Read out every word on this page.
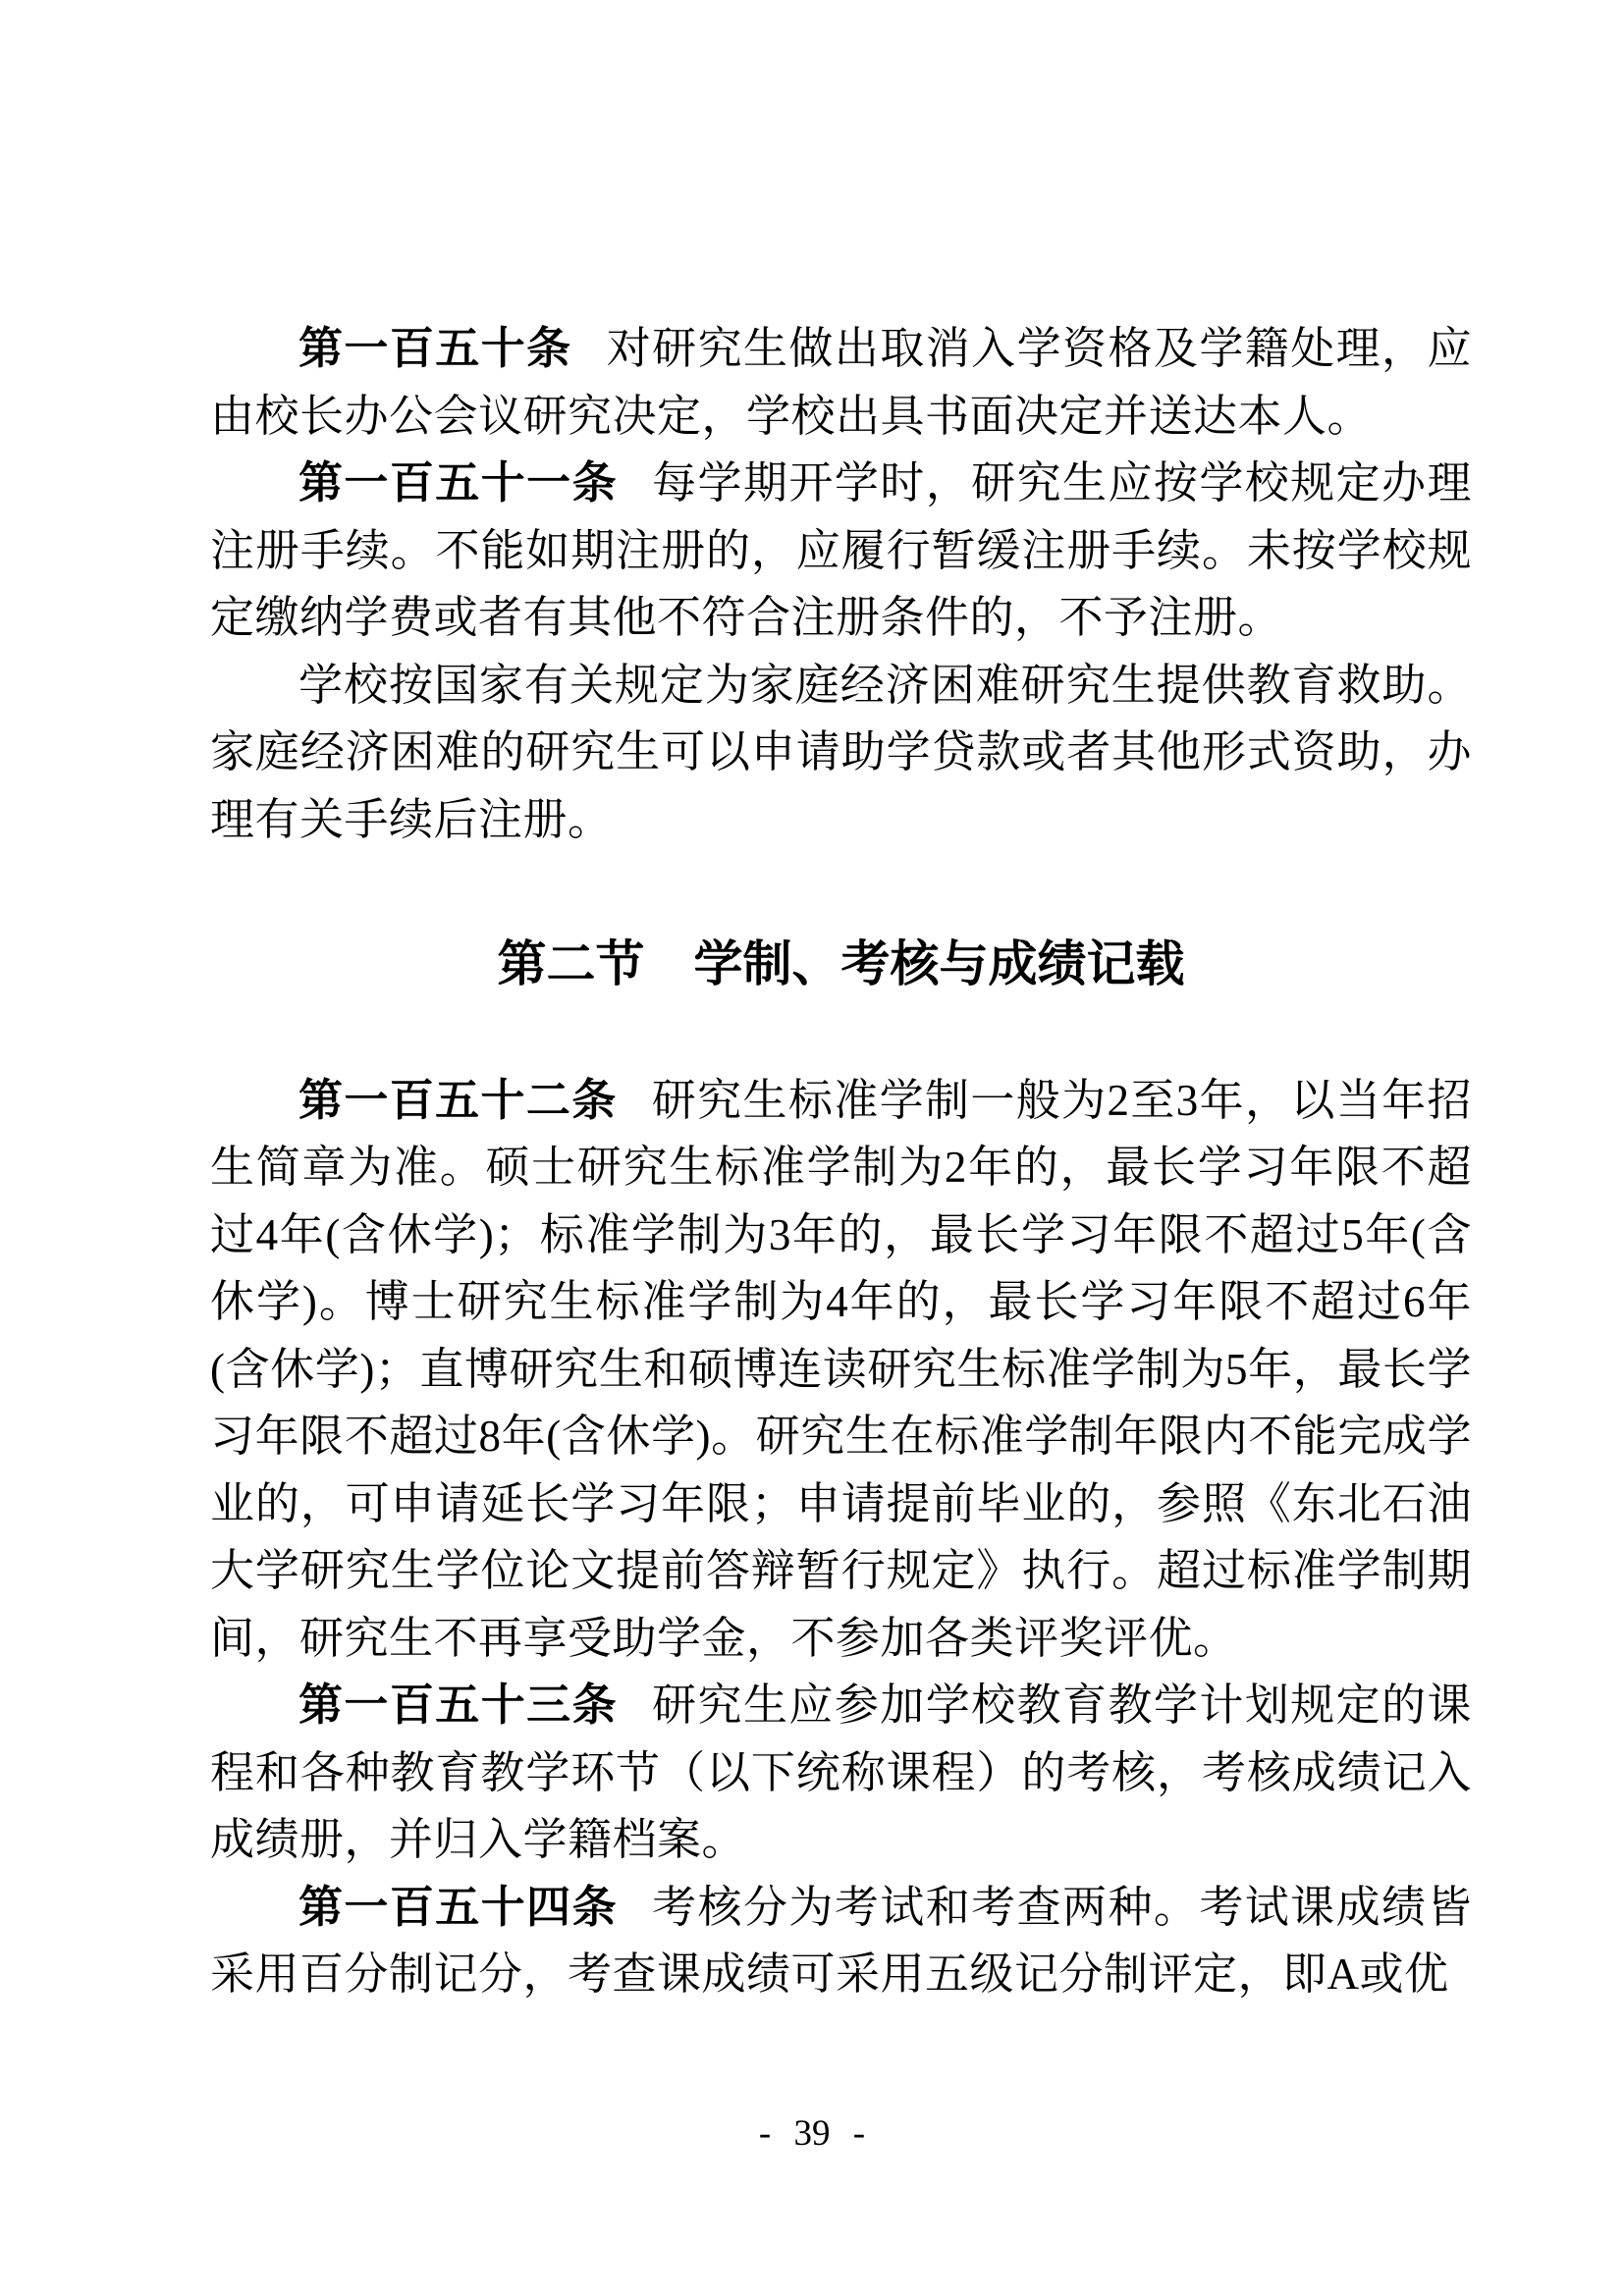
第一百五十条 对研究生做出取消入学资格及学籍处理，应由校长办公会议研究决定，学校出具书面决定并送达本人。

第一百五十一条 每学期开学时，研究生应按学校规定办理注册手续。不能如期注册的，应履行暂缓注册手续。未按学校规定缴纳学费或者有其他不符合注册条件的，不予注册。

学校按国家有关规定为家庭经济困难研究生提供教育救助。家庭经济困难的研究生可以申请助学贷款或者其他形式资助，办理有关手续后注册。

第二节　学制、考核与成绩记载

第一百五十二条 研究生标准学制一般为2至3年，以当年招生简章为准。硕士研究生标准学制为2年的，最长学习年限不超过4年(含休学)；标准学制为3年的，最长学习年限不超过5年(含休学)。博士研究生标准学制为4年的，最长学习年限不超过6年(含休学)；直博研究生和硕博连读研究生标准学制为5年，最长学习年限不超过8年(含休学)。研究生在标准学制年限内不能完成学业的，可申请延长学习年限；申请提前毕业的，参照《东北石油大学研究生学位论文提前答辩暂行规定》执行。超过标准学制期间，研究生不再享受助学金，不参加各类评奖评优。

第一百五十三条 研究生应参加学校教育教学计划规定的课程和各种教育教学环节（以下统称课程）的考核，考核成绩记入成绩册，并归入学籍档案。

第一百五十四条 考核分为考试和考查两种。考试课成绩皆采用百分制记分，考查课成绩可采用五级记分制评定，即A或优

- 39 -
